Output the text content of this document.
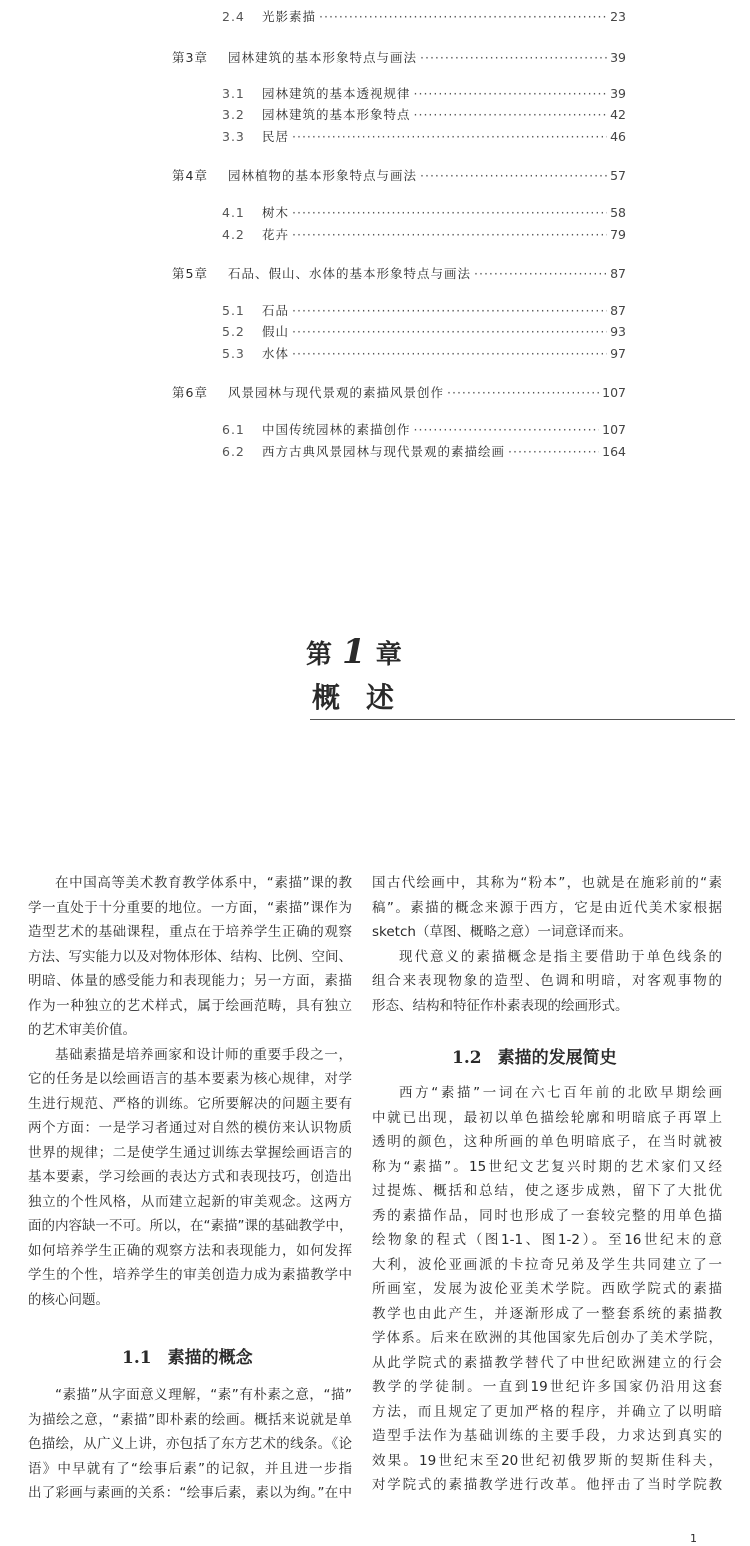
2.4	光影素描 ·····	23
第3章	园林建筑的基本形象特点与画法 ·····	39
3.1	园林建筑的基本透视规律 ·····	39
3.2	园林建筑的基本形象特点 ·····	42
3.3	民居 ·····	46
第4章	园林植物的基本形象特点与画法 ·····	57
4.1	树木 ·····	58
4.2	花卉 ·····	79
第5章	石品、假山、水体的基本形象特点与画法 ·····	87
5.1	石品 ·····	87
5.2	假山 ·····	93
5.3	水体 ·····	97
第6章	风景园林与现代景观的素描风景创作 ·····	107
6.1	中国传统园林的素描创作 ·····	107
6.2	西方古典风景园林与现代景观的素描绘画 ·····	164
第 1 章
概述
在中国高等美术教育教学体系中，“素描”课的教
学一直处于十分重要的地位。一方面，“素描”课作为
造型艺术的基础课程，重点在于培养学生正确的观察
方法、写实能力以及对物体形体、结构、比例、空间、
明暗、体量的感受能力和表现能力；另一方面，素描
作为一种独立的艺术样式，属于绘画范畴，具有独立
的艺术审美价值。
基础素描是培养画家和设计师的重要手段之一，
它的任务是以绘画语言的基本要素为核心规律，对学
生进行规范、严格的训练。它所要解决的问题主要有
两个方面：一是学习者通过对自然的模仿来认识物质
世界的规律；二是使学生通过训练去掌握绘画语言的
基本要素，学习绘画的表达方式和表现技巧，创造出
独立的个性风格，从而建立起新的审美观念。这两方
面的内容缺一不可。所以，在“素描”课的基础教学中，
如何培养学生正确的观察方法和表现能力，如何发挥
学生的个性，培养学生的审美创造力成为素描教学中
的核心问题。
1.1 素描的概念
“素描”从字面意义理解，“素”有朴素之意，“描”
为描绘之意，“素描”即朴素的绘画。概括来说就是单
色描绘，从广义上讲，亦包括了东方艺术的线条。《论
语》中早就有了“绘事后素”的记叙，并且进一步指
出了彩画与素画的关系：“绘事后素，素以为绚。”在中
国古代绘画中，其称为“粉本”，也就是在施彩前的“素
稿”。素描的概念来源于西方，它是由近代美术家根据
sketch（草图、概略之意）一词意译而来。
现代意义的素描概念是指主要借助于单色线条的
组合来表现物象的造型、色调和明暗，对客观事物的
形态、结构和特征作朴素表现的绘画形式。
1.2 素描的发展简史
西方“素描”一词在六七百年前的北欧早期绘画
中就已出现，最初以单色描绘轮廓和明暗底子再罩上
透明的颜色，这种所画的单色明暗底子，在当时就被
称为“素描”。15世纪文艺复兴时期的艺术家们又经
过提炼、概括和总结，使之逐步成熟，留下了大批优
秀的素描作品，同时也形成了一套较完整的用单色描
绘物象的程式（图1-1、图1-2）。至16世纪末的意
大利，波伦亚画派的卡拉奇兄弟及学生共同建立了一
所画室，发展为波伦亚美术学院。西欧学院式的素描
教学也由此产生，并逐渐形成了一整套系统的素描教
学体系。后来在欧洲的其他国家先后创办了美术学院，
从此学院式的素描教学替代了中世纪欧洲建立的行会
教学的学徒制。一直到19世纪许多国家仍沿用这套
方法，而且规定了更加严格的程序，并确立了以明暗
造型手法作为基础训练的主要手段，力求达到真实的
效果。19世纪末至20世纪初俄罗斯的契斯佳科夫，
对学院式的素描教学进行改革。他抨击了当时学院教
1
